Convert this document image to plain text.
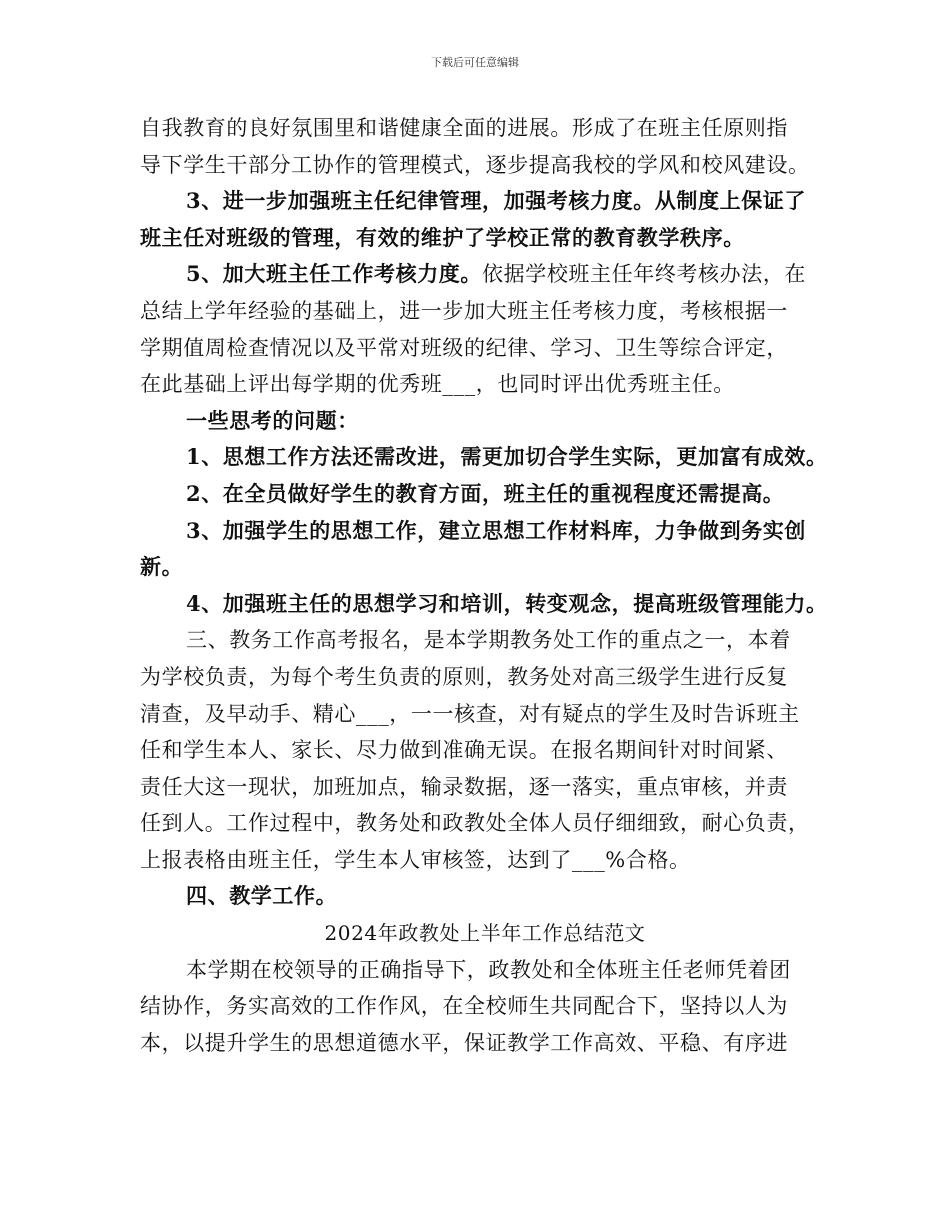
下载后可任意编辑
自我教育的良好氛围里和谐健康全面的进展。形成了在班主任原则指
导下学生干部分工协作的管理模式，逐步提高我校的学风和校风建设。
3、进一步加强班主任纪律管理，加强考核力度。从制度上保证了
班主任对班级的管理，有效的维护了学校正常的教育教学秩序。
5、加大班主任工作考核力度。依据学校班主任年终考核办法，在
总结上学年经验的基础上，进一步加大班主任考核力度，考核根据一
学期值周检查情况以及平常对班级的纪律、学习、卫生等综合评定，
在此基础上评出每学期的优秀班___，也同时评出优秀班主任。
一些思考的问题：
1、思想工作方法还需改进，需更加切合学生实际，更加富有成效。
2、在全员做好学生的教育方面，班主任的重视程度还需提高。
3、加强学生的思想工作，建立思想工作材料库，力争做到务实创
新。
4、加强班主任的思想学习和培训，转变观念，提高班级管理能力。
三、教务工作高考报名，是本学期教务处工作的重点之一，本着
为学校负责，为每个考生负责的原则，教务处对高三级学生进行反复
清查，及早动手、精心___，一一核查，对有疑点的学生及时告诉班主
任和学生本人、家长、尽力做到准确无误。在报名期间针对时间紧、
责任大这一现状，加班加点，输录数据，逐一落实，重点审核，并责
任到人。工作过程中，教务处和政教处全体人员仔细细致，耐心负责，
上报表格由班主任，学生本人审核签，达到了___%合格。
四、教学工作。
2024年政教处上半年工作总结范文
本学期在校领导的正确指导下，政教处和全体班主任老师凭着团
结协作，务实高效的工作作风，在全校师生共同配合下，坚持以人为
本，以提升学生的思想道德水平，保证教学工作高效、平稳、有序进
